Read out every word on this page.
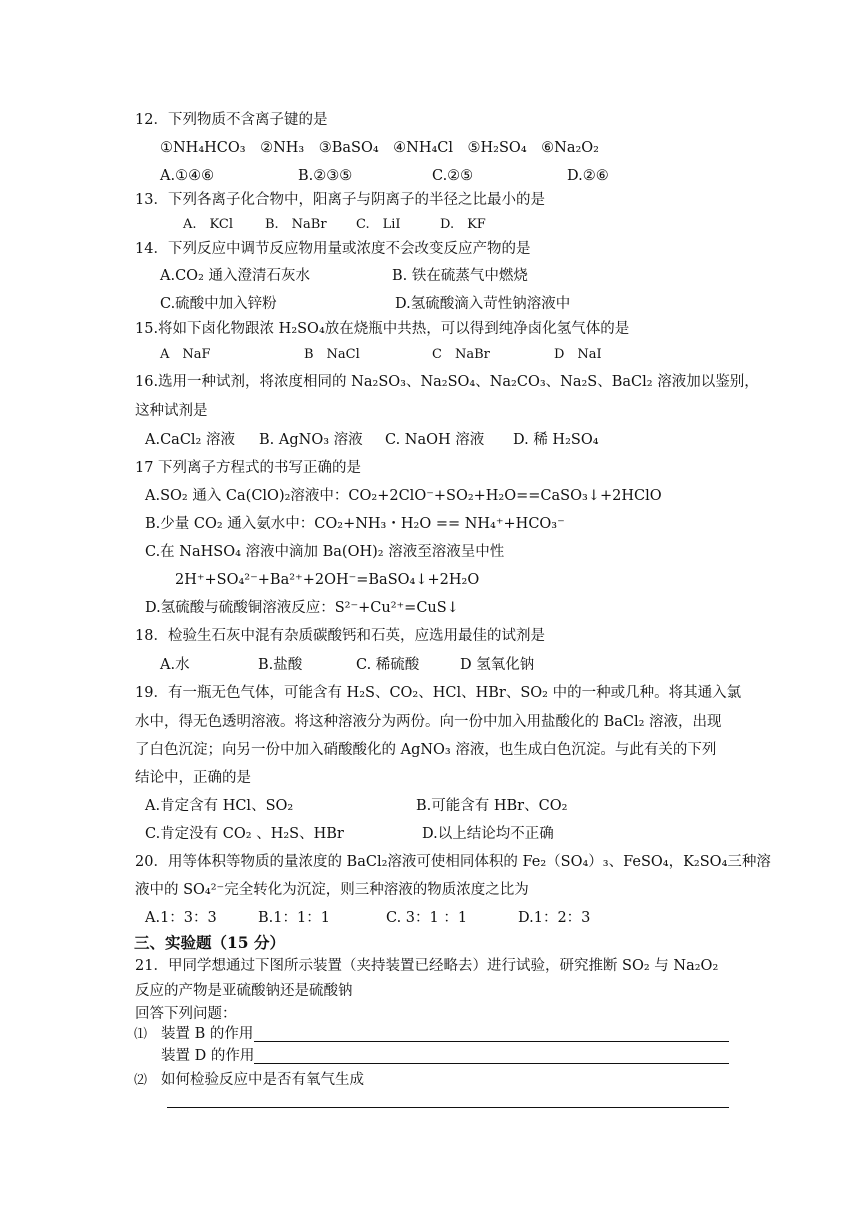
12．下列物质不含离子键的是
①NH₄HCO₃　②NH₃　③BaSO₄　④NH₄Cl　⑤H₂SO₄　⑥Na₂O₂
A.①④⑥	B.②③⑤	C.②⑤	D.②⑥
13．下列各离子化合物中，阳离子与阴离子的半径之比最小的是
A.　KCl B.　NaBr C.　LiI	D.　KF
14．下列反应中调节反应物用量或浓度不会改变反应产物的是
A.CO₂ 通入澄清石灰水	B. 铁在硫蒸气中燃烧
C.硫酸中加入锌粉	D.氢硫酸滴入苛性钠溶液中
15.将如下卤化物跟浓 H₂SO₄放在烧瓶中共热，可以得到纯净卤化氢气体的是
A　NaF	B　NaCl	C　NaBr	D　NaI
16.选用一种试剂，将浓度相同的 Na₂SO₃、Na₂SO₄、Na₂CO₃、Na₂S、BaCl₂ 溶液加以鉴别，
这种试剂是
A.CaCl₂ 溶液 B. AgNO₃ 溶液 C. NaOH 溶液 D. 稀 H₂SO₄
17 下列离子方程式的书写正确的是
A.SO₂ 通入 Ca(ClO)₂溶液中：CO₂+2ClO⁻+SO₂+H₂O==CaSO₃↓+2HClO
B.少量 CO₂ 通入氨水中：CO₂+NH₃・H₂O == NH₄⁺+HCO₃⁻
C.在 NaHSO₄ 溶液中滴加 Ba(OH)₂ 溶液至溶液呈中性
2H⁺+SO₄²⁻+Ba²⁺+2OH⁻=BaSO₄↓+2H₂O
D.氢硫酸与硫酸铜溶液反应：S²⁻+Cu²⁺=CuS↓
18．检验生石灰中混有杂质碳酸钙和石英，应选用最佳的试剂是
A.水	B.盐酸	C. 稀硫酸	D 氢氧化钠
19．有一瓶无色气体，可能含有 H₂S、CO₂、HCl、HBr、SO₂ 中的一种或几种。将其通入氯
水中，得无色透明溶液。将这种溶液分为两份。向一份中加入用盐酸化的 BaCl₂ 溶液，出现
了白色沉淀；向另一份中加入硝酸酸化的 AgNO₃ 溶液，也生成白色沉淀。与此有关的下列
结论中，正确的是
A.肯定含有 HCl、SO₂	B.可能含有 HBr、CO₂
C.肯定没有 CO₂ 、H₂S、HBr	D.以上结论均不正确
20．用等体积等物质的量浓度的 BaCl₂溶液可使相同体积的 Fe₂（SO₄）₃、FeSO₄，K₂SO₄三种溶
液中的 SO₄²⁻完全转化为沉淀，则三种溶液的物质浓度之比为
A.1：3：3	B.1：1：1	C. 3：1 ：1	D.1：2：3
三、实验题（15 分）
21．甲同学想通过下图所示装置（夹持装置已经略去）进行试验，研究推断 SO₂ 与 Na₂O₂
反应的产物是亚硫酸钠还是硫酸钠
回答下列问题：
⑴ 装置 B 的作用
装置 D 的作用
⑵ 如何检验反应中是否有氧气生成
